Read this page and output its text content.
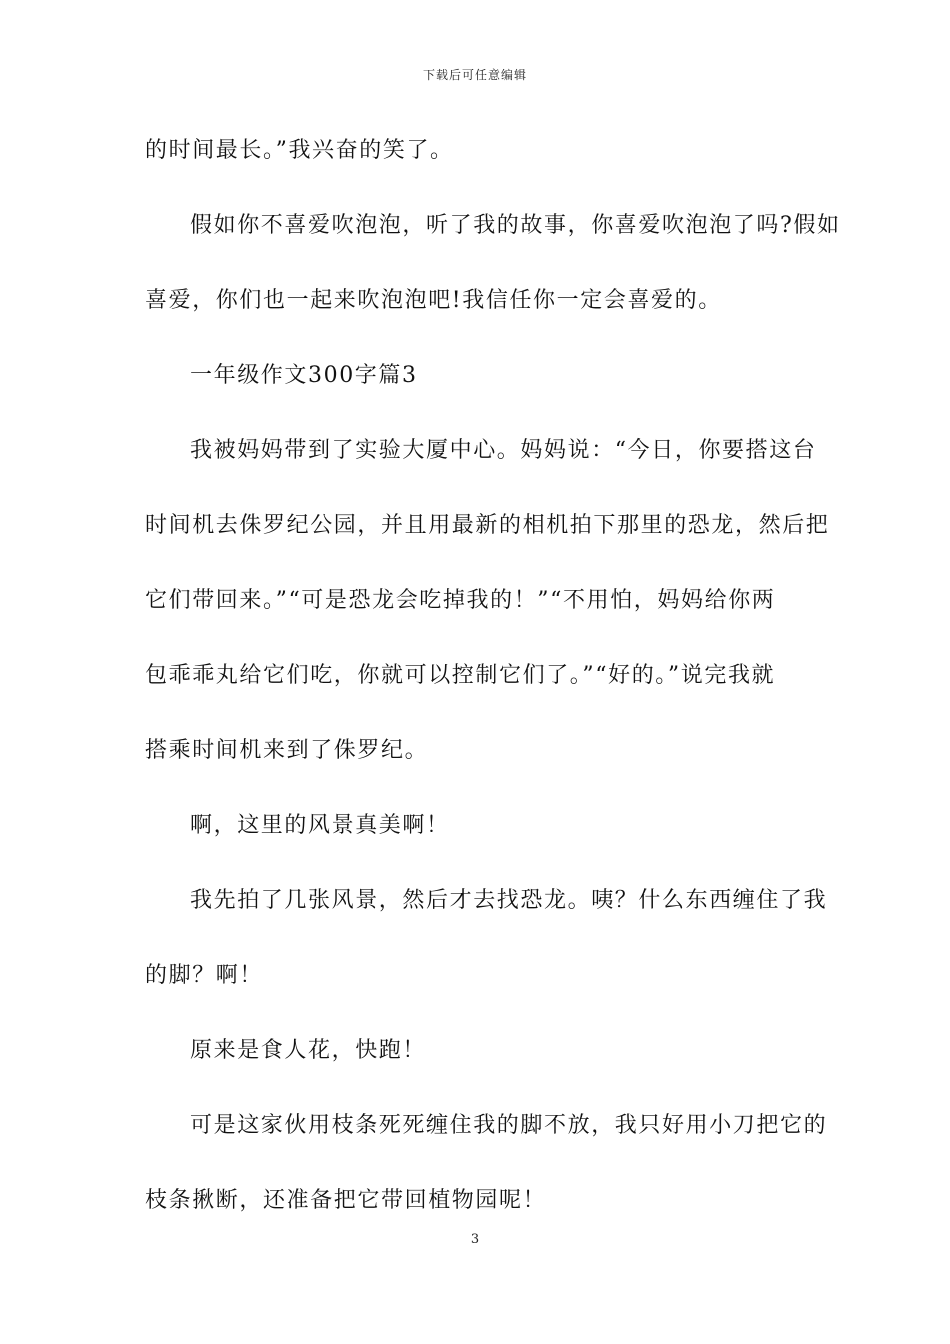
下载后可任意编辑
的时间最长。”我兴奋的笑了。
假如你不喜爱吹泡泡，听了我的故事，你喜爱吹泡泡了吗?假如
喜爱，你们也一起来吹泡泡吧!我信任你一定会喜爱的。
一年级作文300字篇3
我被妈妈带到了实验大厦中心。妈妈说：“今日，你要搭这台
时间机去侏罗纪公园，并且用最新的相机拍下那里的恐龙，然后把
它们带回来。”“可是恐龙会吃掉我的！”“不用怕，妈妈给你两
包乖乖丸给它们吃，你就可以控制它们了。”“好的。”说完我就
搭乘时间机来到了侏罗纪。
啊，这里的风景真美啊！
我先拍了几张风景，然后才去找恐龙。咦？什么东西缠住了我
的脚？啊！
原来是食人花，快跑！
可是这家伙用枝条死死缠住我的脚不放，我只好用小刀把它的
枝条揪断，还准备把它带回植物园呢！
3
